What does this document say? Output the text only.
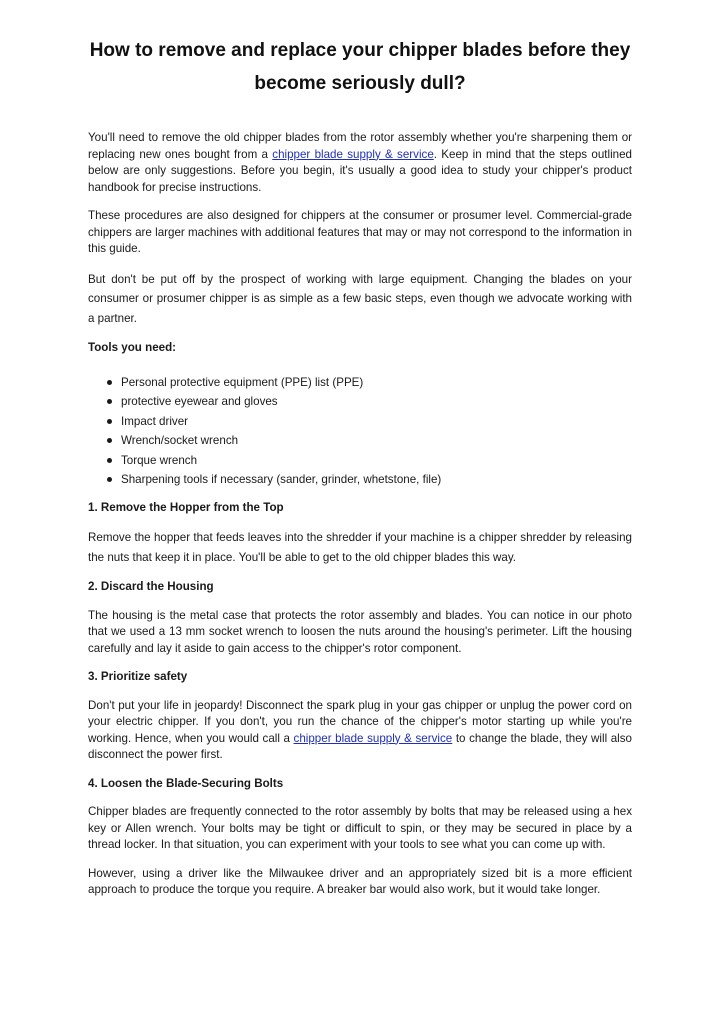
How to remove and replace your chipper blades before they become seriously dull?

You'll need to remove the old chipper blades from the rotor assembly whether you're sharpening them or replacing new ones bought from a chipper blade supply & service. Keep in mind that the steps outlined below are only suggestions. Before you begin, it's usually a good idea to study your chipper's product handbook for precise instructions.

These procedures are also designed for chippers at the consumer or prosumer level. Commercial-grade chippers are larger machines with additional features that may or may not correspond to the information in this guide.

But don't be put off by the prospect of working with large equipment. Changing the blades on your consumer or prosumer chipper is as simple as a few basic steps, even though we advocate working with a partner.

Tools you need:
Personal protective equipment (PPE) list (PPE)
protective eyewear and gloves
Impact driver
Wrench/socket wrench
Torque wrench
Sharpening tools if necessary (sander, grinder, whetstone, file)
1. Remove the Hopper from the Top

Remove the hopper that feeds leaves into the shredder if your machine is a chipper shredder by releasing the nuts that keep it in place. You'll be able to get to the old chipper blades this way.

2. Discard the Housing

The housing is the metal case that protects the rotor assembly and blades. You can notice in our photo that we used a 13 mm socket wrench to loosen the nuts around the housing's perimeter. Lift the housing carefully and lay it aside to gain access to the chipper's rotor component.

3. Prioritize safety

Don't put your life in jeopardy! Disconnect the spark plug in your gas chipper or unplug the power cord on your electric chipper. If you don't, you run the chance of the chipper's motor starting up while you're working. Hence, when you would call a chipper blade supply & service to change the blade, they will also disconnect the power first.

4. Loosen the Blade-Securing Bolts

Chipper blades are frequently connected to the rotor assembly by bolts that may be released using a hex key or Allen wrench. Your bolts may be tight or difficult to spin, or they may be secured in place by a thread locker. In that situation, you can experiment with your tools to see what you can come up with.

However, using a driver like the Milwaukee driver and an appropriately sized bit is a more efficient approach to produce the torque you require. A breaker bar would also work, but it would take longer.
